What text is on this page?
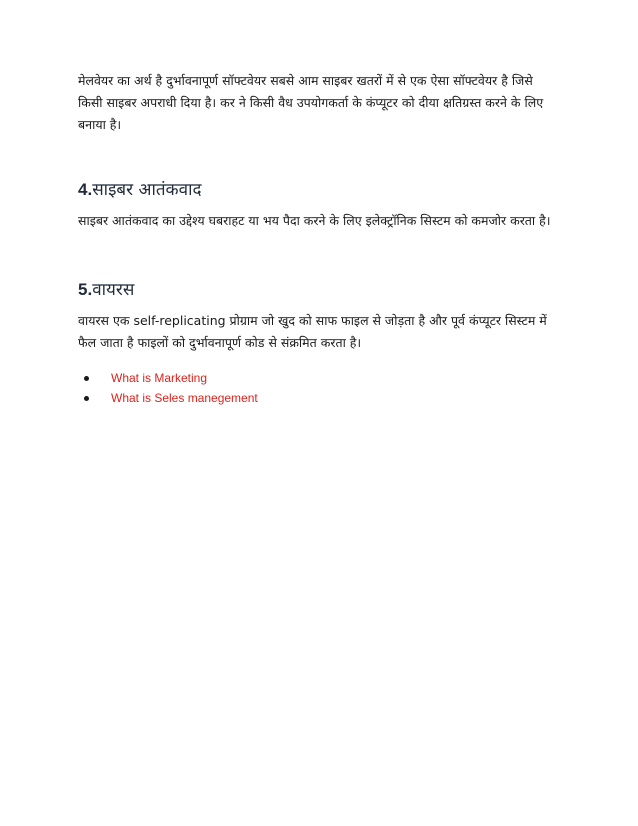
मेलवेयर का अर्थ है दुर्भावनापूर्ण सॉफ्टवेयर सबसे आम साइबर खतरों में से एक ऐसा सॉफ्टवेयर है जिसे किसी साइबर अपराधी दिया है। कर ने किसी वैध उपयोगकर्ता के कंप्यूटर को दीया क्षतिग्रस्त करने के लिए बनाया है।

4.साइबर आतंकवाद

साइबर आतंकवाद का उद्देश्य घबराहट या भय पैदा करने के लिए इलेक्ट्रॉनिक सिस्टम को कमजोर करता है।

5.वायरस

वायरस एक self-replicating प्रोग्राम जो खुद को साफ फाइल से जोड़ता है और पूर्व कंप्यूटर सिस्टम में फैल जाता है फाइलों को दुर्भावनापूर्ण कोड से संक्रमित करता है।

What is Marketing
What is Seles manegement
